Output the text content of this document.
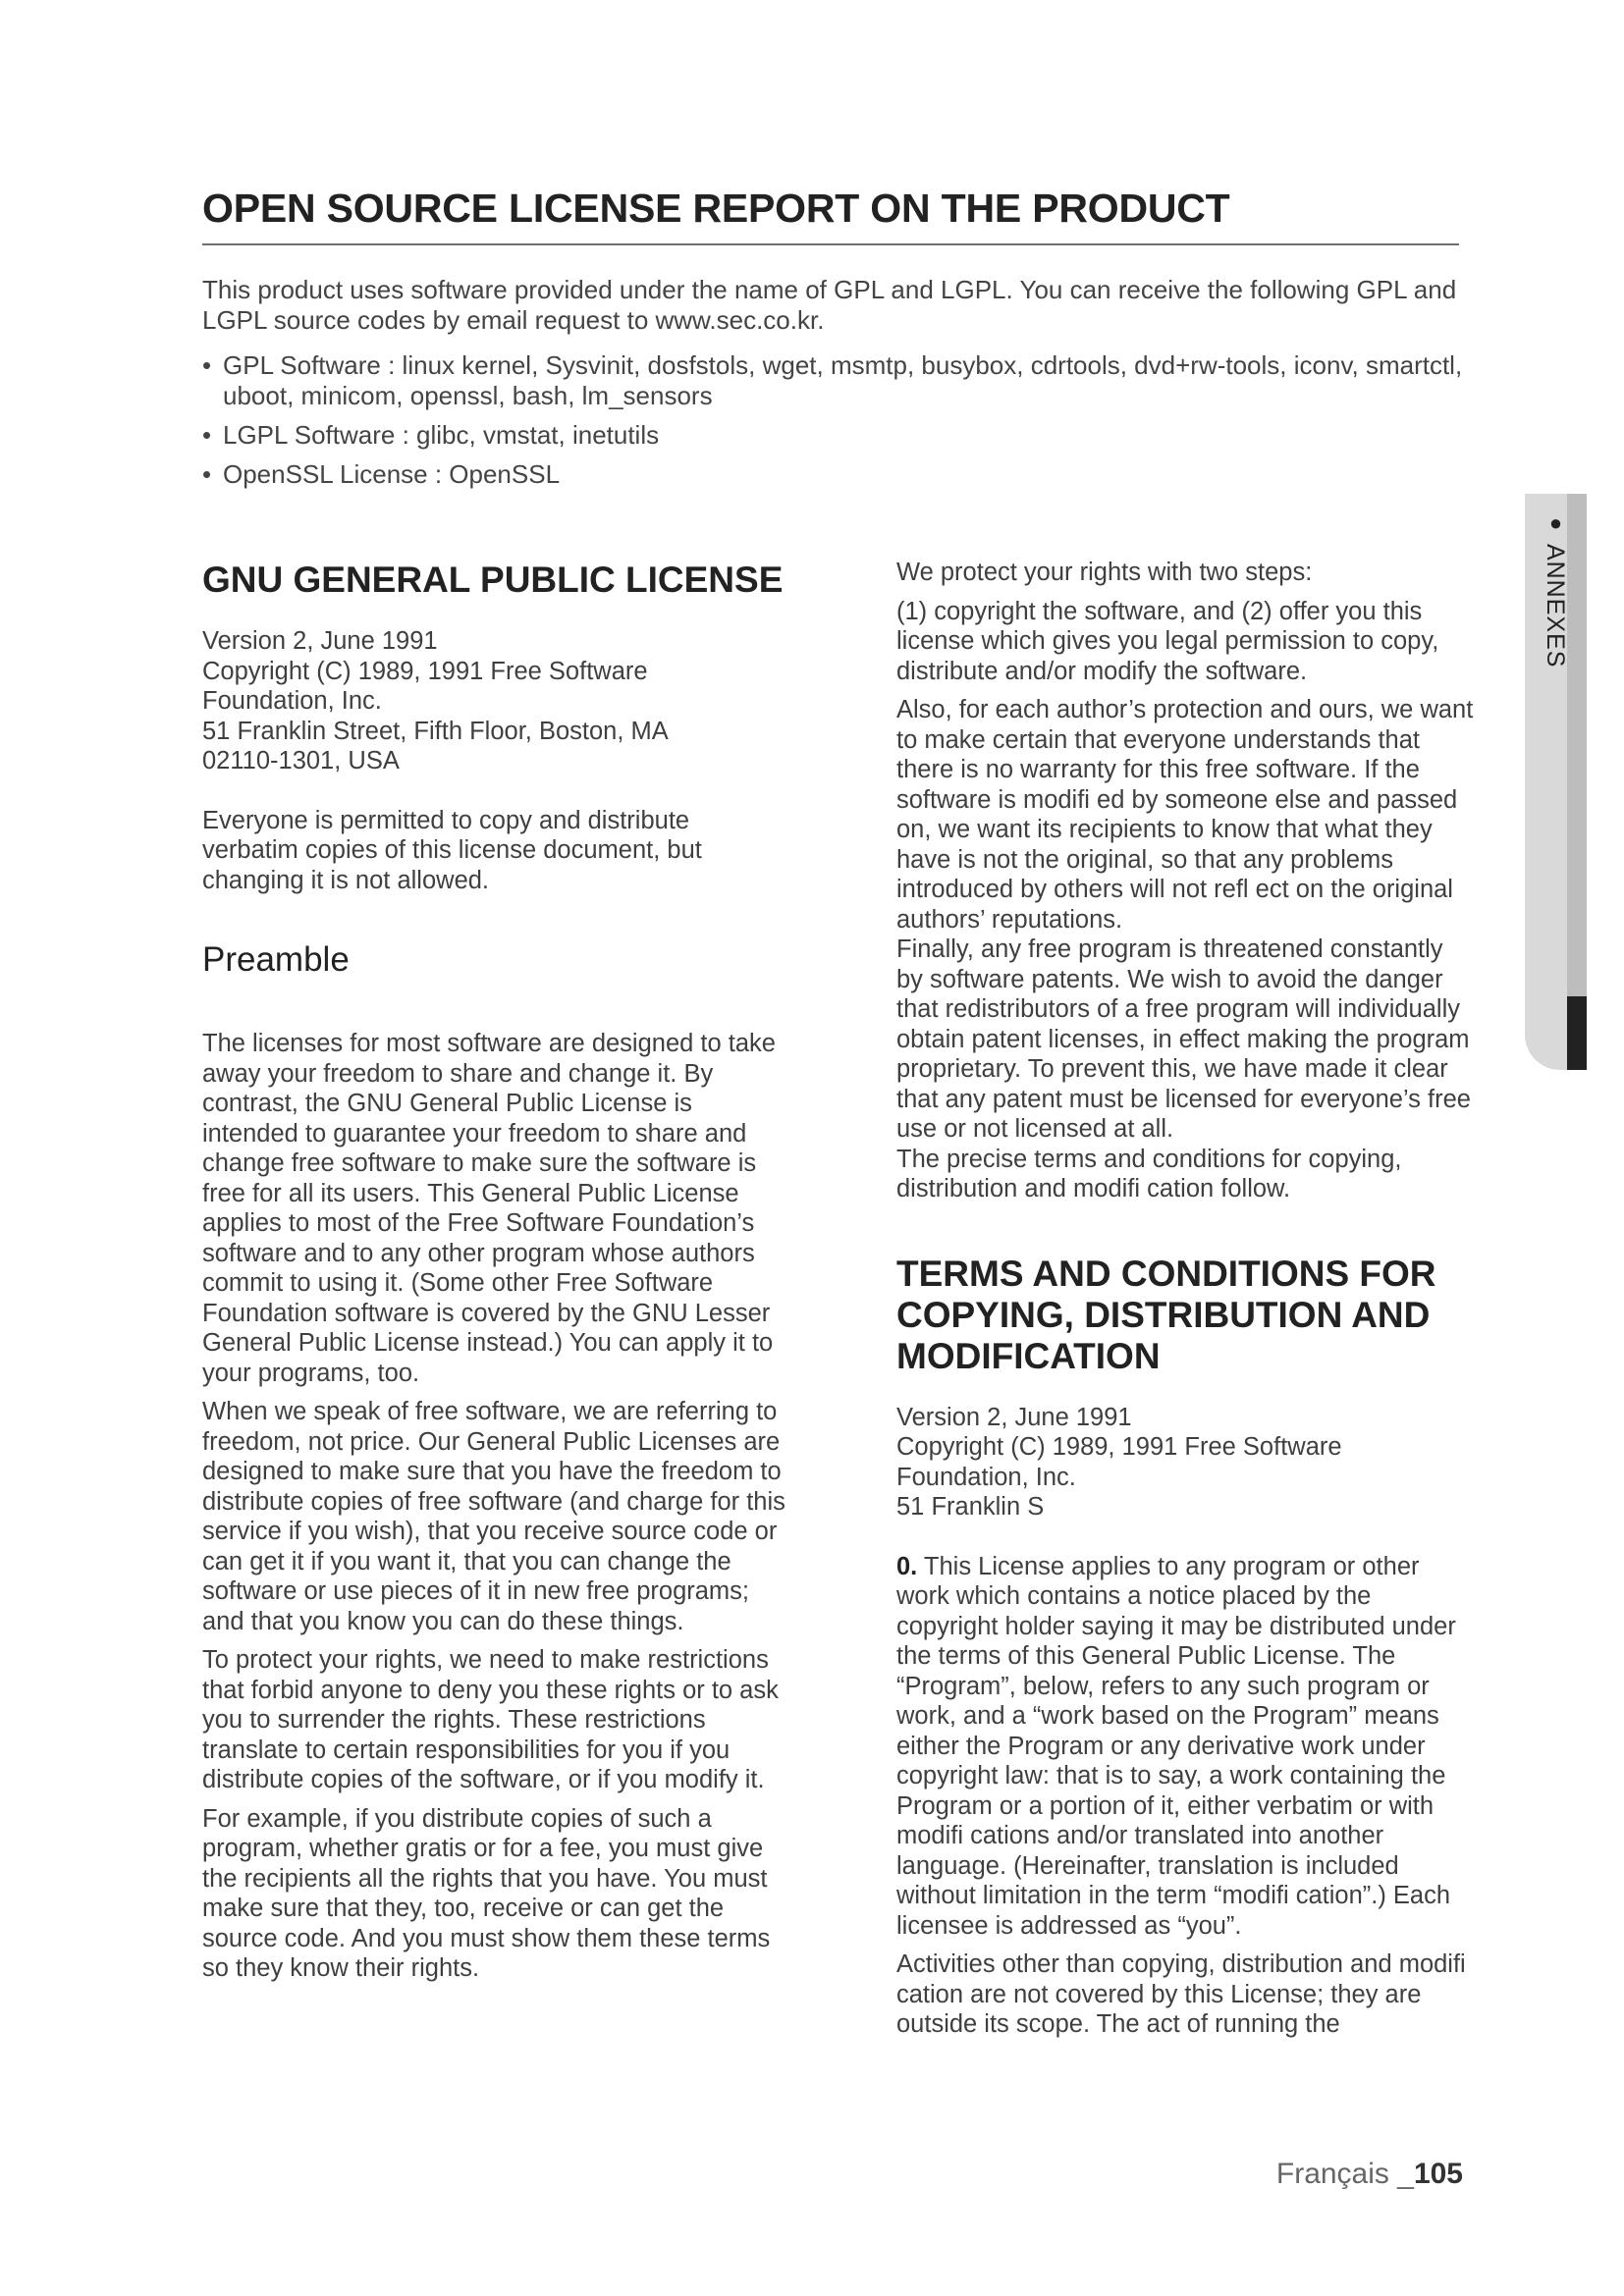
OPEN SOURCE LICENSE REPORT ON THE PRODUCT

This product uses software provided under the name of GPL and LGPL. You can receive the following GPL and LGPL source codes by email request to www.sec.co.kr.

• GPL Software : linux kernel, Sysvinit, dosfstols, wget, msmtp, busybox, cdrtools, dvd+rw-tools, iconv, smartctl, uboot, minicom, openssl, bash, lm_sensors
• LGPL Software : glibc, vmstat, inetutils
• OpenSSL License : OpenSSL
GNU GENERAL PUBLIC LICENSE

Version 2, June 1991

Copyright (C) 1989, 1991 Free Software

Foundation, Inc.

51 Franklin Street, Fifth Floor, Boston, MA

02110-1301, USA

Everyone is permitted to copy and distribute verbatim copies of this license document, but changing it is not allowed.

Preamble

The licenses for most software are designed to take away your freedom to share and change it. By contrast, the GNU General Public License is intended to guarantee your freedom to share and change free software to make sure the software is free for all its users. This General Public License applies to most of the Free Software Foundation’s software and to any other program whose authors commit to using it. (Some other Free Software Foundation software is covered by the GNU Lesser General Public License instead.) You can apply it to your programs, too.

When we speak of free software, we are referring to freedom, not price. Our General Public Licenses are designed to make sure that you have the freedom to distribute copies of free software (and charge for this service if you wish), that you receive source code or can get it if you want it, that you can change the software or use pieces of it in new free programs; and that you know you can do these things.

To protect your rights, we need to make restrictions that forbid anyone to deny you these rights or to ask you to surrender the rights. These restrictions translate to certain responsibilities for you if you distribute copies of the software, or if you modify it.

For example, if you distribute copies of such a program, whether gratis or for a fee, you must give the recipients all the rights that you have. You must make sure that they, too, receive or can get the source code. And you must show them these terms so they know their rights.

We protect your rights with two steps:

(1) copyright the software, and (2) offer you this license which gives you legal permission to copy, distribute and/or modify the software.

Also, for each author’s protection and ours, we want to make certain that everyone understands that there is no warranty for this free software. If the software is modifi ed by someone else and passed on, we want its recipients to know that what they have is not the original, so that any problems introduced by others will not refl ect on the original authors’ reputations.

Finally, any free program is threatened constantly by software patents. We wish to avoid the danger that redistributors of a free program will individually obtain patent licenses, in effect making the program proprietary. To prevent this, we have made it clear that any patent must be licensed for everyone’s free use or not licensed at all.

The precise terms and conditions for copying, distribution and modifi cation follow.

TERMS AND CONDITIONS FOR
COPYING, DISTRIBUTION AND
MODIFICATION

Version 2, June 1991

Copyright (C) 1989, 1991 Free Software

Foundation, Inc.

51 Franklin S

0. This License applies to any program or other work which contains a notice placed by the copyright holder saying it may be distributed under the terms of this General Public License. The “Program”, below, refers to any such program or work, and a “work based on the Program” means either the Program or any derivative work under copyright law: that is to say, a work containing the Program or a portion of it, either verbatim or with modifi cations and/or translated into another language. (Hereinafter, translation is included without limitation in the term “modifi cation”.) Each licensee is addressed as “you”.

Activities other than copying, distribution and modifi cation are not covered by this License; they are outside its scope. The act of running the

● ANNEXES
Français _105
